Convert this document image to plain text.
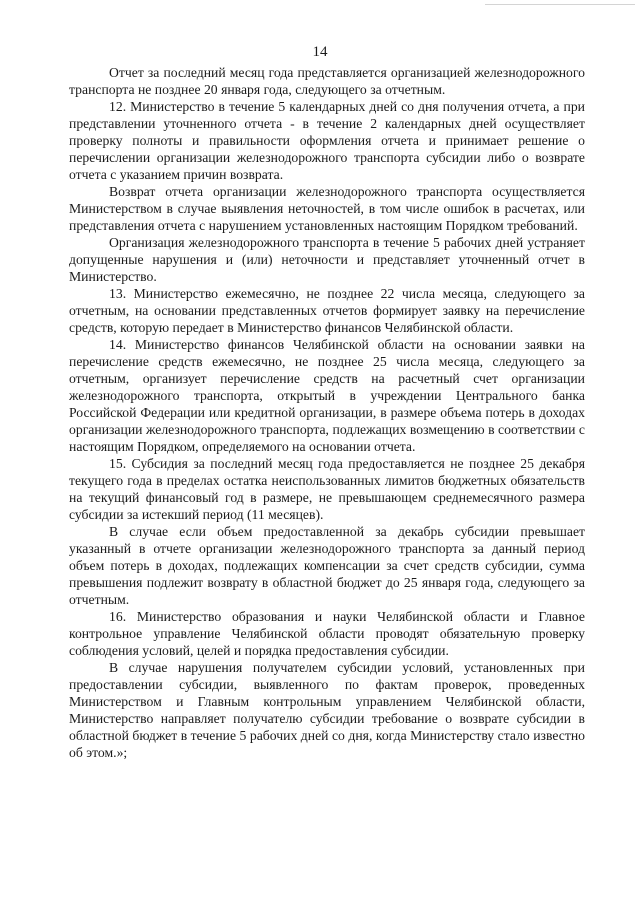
14

Отчет за последний месяц года представляется организацией железнодорожного транспорта не позднее 20 января года, следующего за отчетным.

12. Министерство в течение 5 календарных дней со дня получения отчета, а при представлении уточненного отчета - в течение 2 календарных дней осуществляет проверку полноты и правильности оформления отчета и принимает решение о перечислении организации железнодорожного транспорта субсидии либо о возврате отчета с указанием причин возврата.

Возврат отчета организации железнодорожного транспорта осуществляется Министерством в случае выявления неточностей, в том числе ошибок в расчетах, или представления отчета с нарушением установленных настоящим Порядком требований.

Организация железнодорожного транспорта в течение 5 рабочих дней устраняет допущенные нарушения и (или) неточности и представляет уточненный отчет в Министерство.

13. Министерство ежемесячно, не позднее 22 числа месяца, следующего за отчетным, на основании представленных отчетов формирует заявку на перечисление средств, которую передает в Министерство финансов Челябинской области.

14. Министерство финансов Челябинской области на основании заявки на перечисление средств ежемесячно, не позднее 25 числа месяца, следующего за отчетным, организует перечисление средств на расчетный счет организации железнодорожного транспорта, открытый в учреждении Центрального банка Российской Федерации или кредитной организации, в размере объема потерь в доходах организации железнодорожного транспорта, подлежащих возмещению в соответствии с настоящим Порядком, определяемого на основании отчета.

15. Субсидия за последний месяц года предоставляется не позднее 25 декабря текущего года в пределах остатка неиспользованных лимитов бюджетных обязательств на текущий финансовый год в размере, не превышающем среднемесячного размера субсидии за истекший период (11 месяцев).

В случае если объем предоставленной за декабрь субсидии превышает указанный в отчете организации железнодорожного транспорта за данный период объем потерь в доходах, подлежащих компенсации за счет средств субсидии, сумма превышения подлежит возврату в областной бюджет до 25 января года, следующего за отчетным.

16. Министерство образования и науки Челябинской области и Главное контрольное управление Челябинской области проводят обязательную проверку соблюдения условий, целей и порядка предоставления субсидии.

В случае нарушения получателем субсидии условий, установленных при предоставлении субсидии, выявленного по фактам проверок, проведенных Министерством и Главным контрольным управлением Челябинской области, Министерство направляет получателю субсидии требование о возврате субсидии в областной бюджет в течение 5 рабочих дней со дня, когда Министерству стало известно об этом.»;
